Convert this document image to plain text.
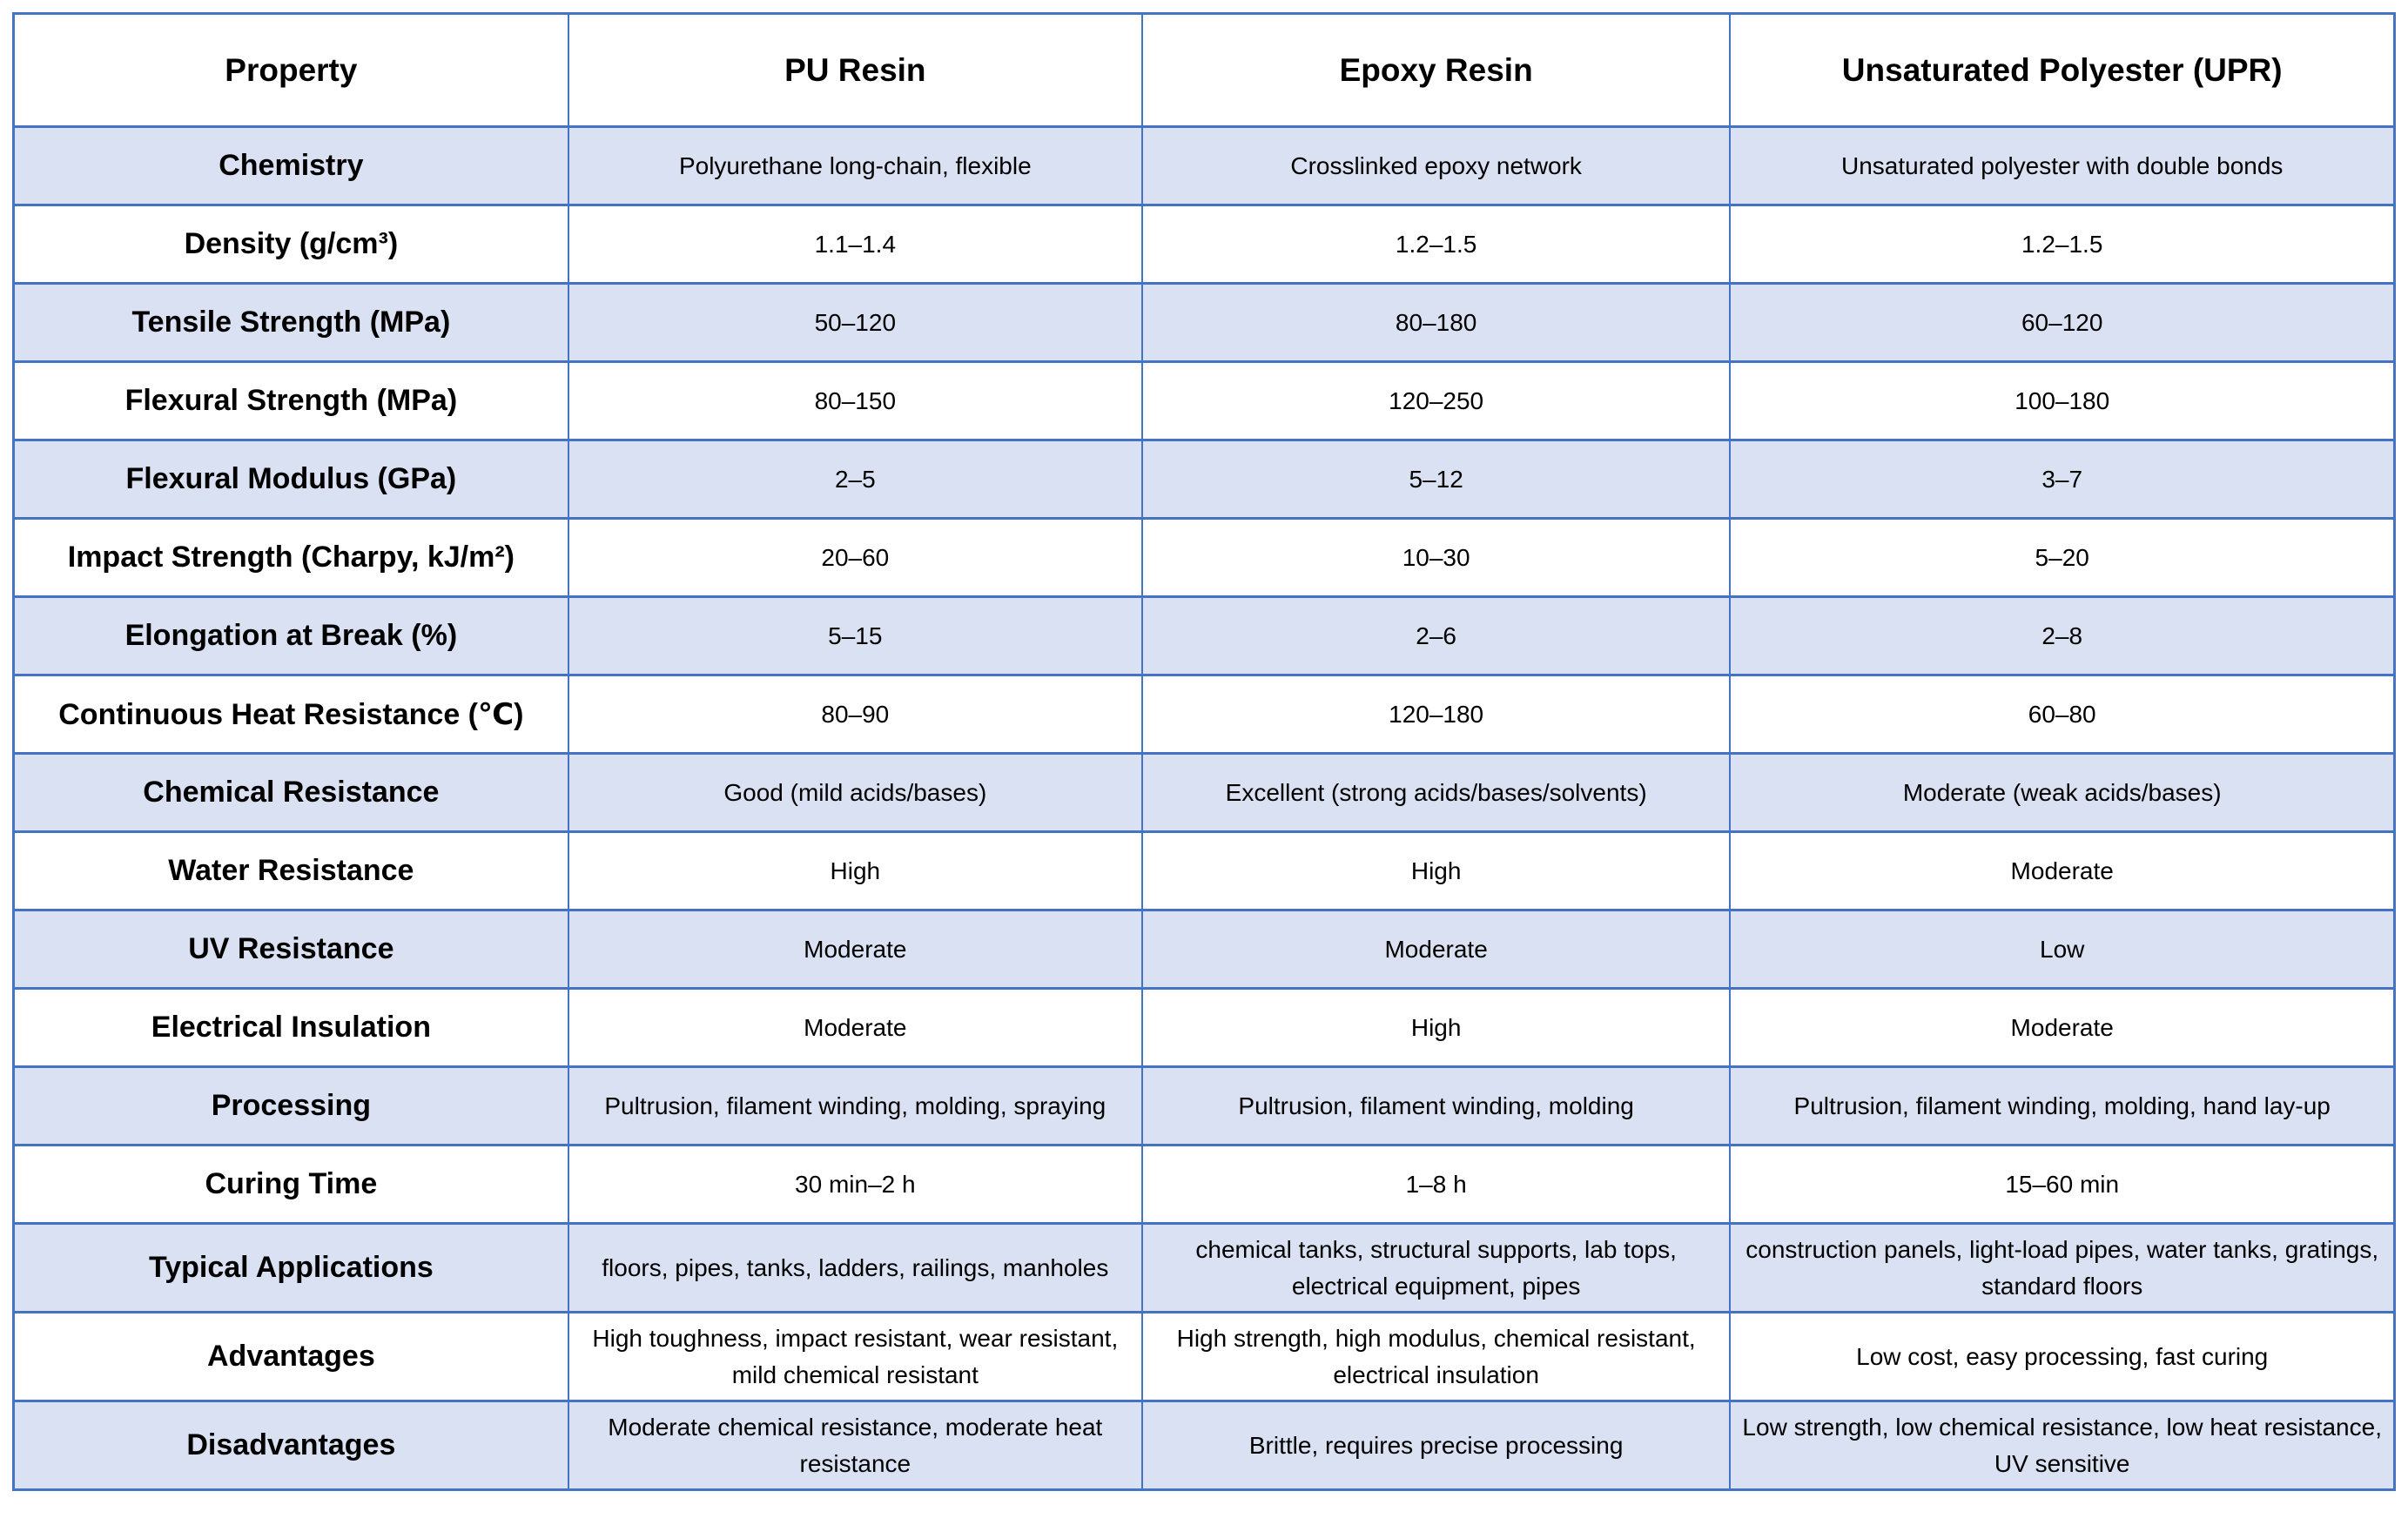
Property	PU Resin	Epoxy Resin	Unsaturated Polyester (UPR)
Chemistry	Polyurethane long-chain, flexible	Crosslinked epoxy network	Unsaturated polyester with double bonds
Density (g/cm³)	1.1–1.4	1.2–1.5	1.2–1.5
Tensile Strength (MPa)	50–120	80–180	60–120
Flexural Strength (MPa)	80–150	120–250	100–180
Flexural Modulus (GPa)	2–5	5–12	3–7
Impact Strength (Charpy, kJ/m²)	20–60	10–30	5–20
Elongation at Break (%)	5–15	2–6	2–8
Continuous Heat Resistance (℃)	80–90	120–180	60–80
Chemical Resistance	Good (mild acids/bases)	Excellent (strong acids/bases/solvents)	Moderate (weak acids/bases)
Water Resistance	High	High	Moderate
UV Resistance	Moderate	Moderate	Low
Electrical Insulation	Moderate	High	Moderate
Processing	Pultrusion, filament winding, molding, spraying	Pultrusion, filament winding, molding	Pultrusion, filament winding, molding, hand lay-up
Curing Time	30 min–2 h	1–8 h	15–60 min
Typical Applications	floors, pipes, tanks, ladders, railings, manholes	chemical tanks, structural supports, lab tops, electrical equipment, pipes	construction panels, light-load pipes, water tanks, gratings, standard floors
Advantages	High toughness, impact resistant, wear resistant, mild chemical resistant	High strength, high modulus, chemical resistant, electrical insulation	Low cost, easy processing, fast curing
Disadvantages	Moderate chemical resistance, moderate heat resistance	Brittle, requires precise processing	Low strength, low chemical resistance, low heat resistance, UV sensitive
